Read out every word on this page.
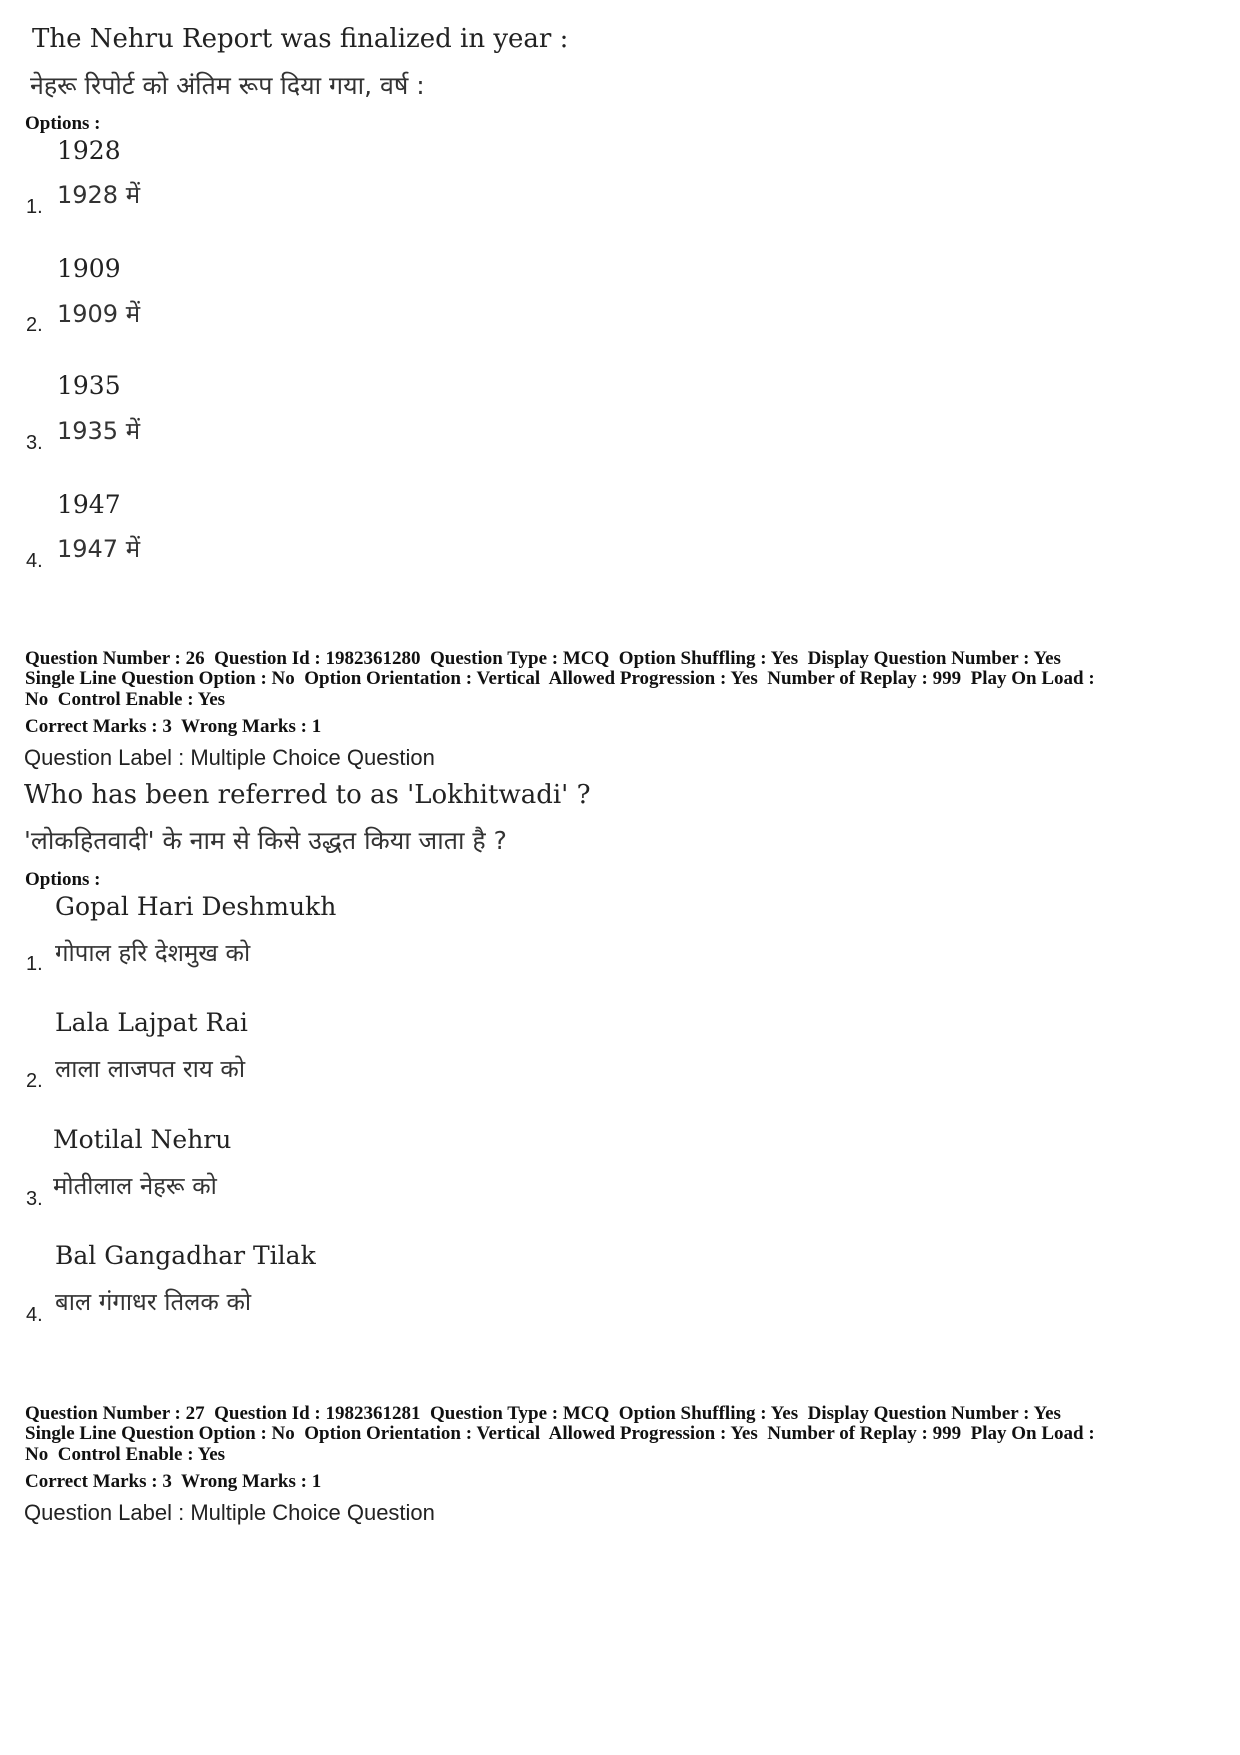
The Nehru Report was finalized in year :
नेहरू रिपोर्ट को अंतिम रूप दिया गया, वर्ष :
Options :
1928
1. 1928 में
1909
2. 1909 में
1935
3. 1935 में
1947
4. 1947 में
Question Number : 26  Question Id : 1982361280  Question Type : MCQ  Option Shuffling : Yes  Display Question Number : Yes
Single Line Question Option : No  Option Orientation : Vertical  Allowed Progression : Yes  Number of Replay : 999  Play On Load :
No  Control Enable : Yes
Correct Marks : 3  Wrong Marks : 1
Question Label : Multiple Choice Question
Who has been referred to as 'Lokhitwadi' ?
'लोकहितवादी' के नाम से किसे उद्धत किया जाता है ?
Options :
Gopal Hari Deshmukh
1. गोपाल हरि देशमुख को
Lala Lajpat Rai
2. लाला लाजपत राय को
Motilal Nehru
3. मोतीलाल नेहरू को
Bal Gangadhar Tilak
4. बाल गंगाधर तिलक को
Question Number : 27  Question Id : 1982361281  Question Type : MCQ  Option Shuffling : Yes  Display Question Number : Yes
Single Line Question Option : No  Option Orientation : Vertical  Allowed Progression : Yes  Number of Replay : 999  Play On Load :
No  Control Enable : Yes
Correct Marks : 3  Wrong Marks : 1
Question Label : Multiple Choice Question
